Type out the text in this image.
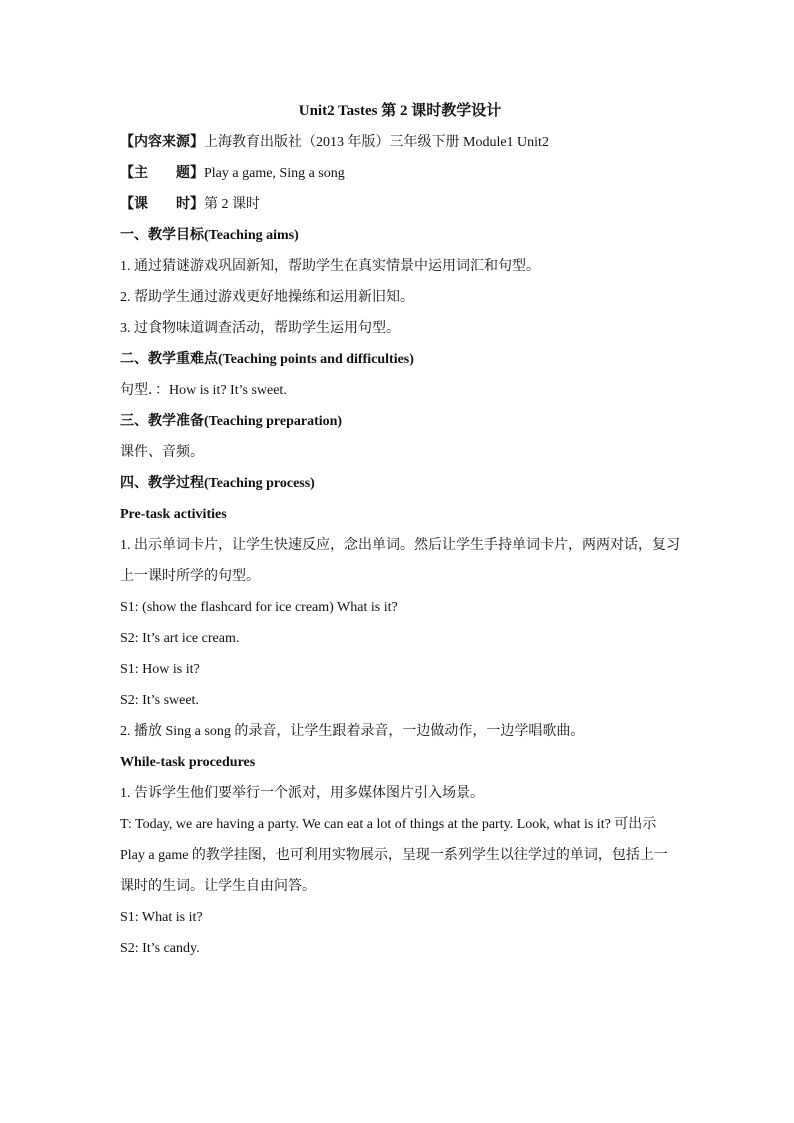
Unit2 Tastes 第 2 课时教学设计

【内容来源】上海教育出版社（2013 年版）三年级下册 Module1 Unit2

【主　　题】Play a game, Sing a song

【课　　时】第 2 课时

一、教学目标(Teaching aims)

1. 通过猜谜游戏巩固新知，帮助学生在真实情景中运用词汇和句型。

2. 帮助学生通过游戏更好地操练和运用新旧知。

3. 过食物味道调查活动，帮助学生运用句型。

二、教学重难点(Teaching points and difficulties)

句型．：How is it? It’s sweet.

三、教学准备(Teaching preparation)

课件、音频。

四、教学过程(Teaching process)

Pre-task activities

1. 出示单词卡片，让学生快速反应，念出单词。然后让学生手持单词卡片，两两对话，复习上一课时所学的句型。

S1: (show the flashcard for ice cream) What is it?

S2: It’s art ice cream.

S1: How is it?

S2: It’s sweet.

2. 播放 Sing a song 的录音，让学生跟着录音，一边做动作，一边学唱歌曲。

While-task procedures

1. 告诉学生他们要举行一个派对，用多媒体图片引入场景。

T: Today, we are having a party. We can eat a lot of things at the party. Look, what is it? 可出示 Play a game 的教学挂图，也可利用实物展示，呈现一系列学生以往学过的单词，包括上一课时的生词。让学生自由问答。

S1: What is it?

S2: It’s candy.
